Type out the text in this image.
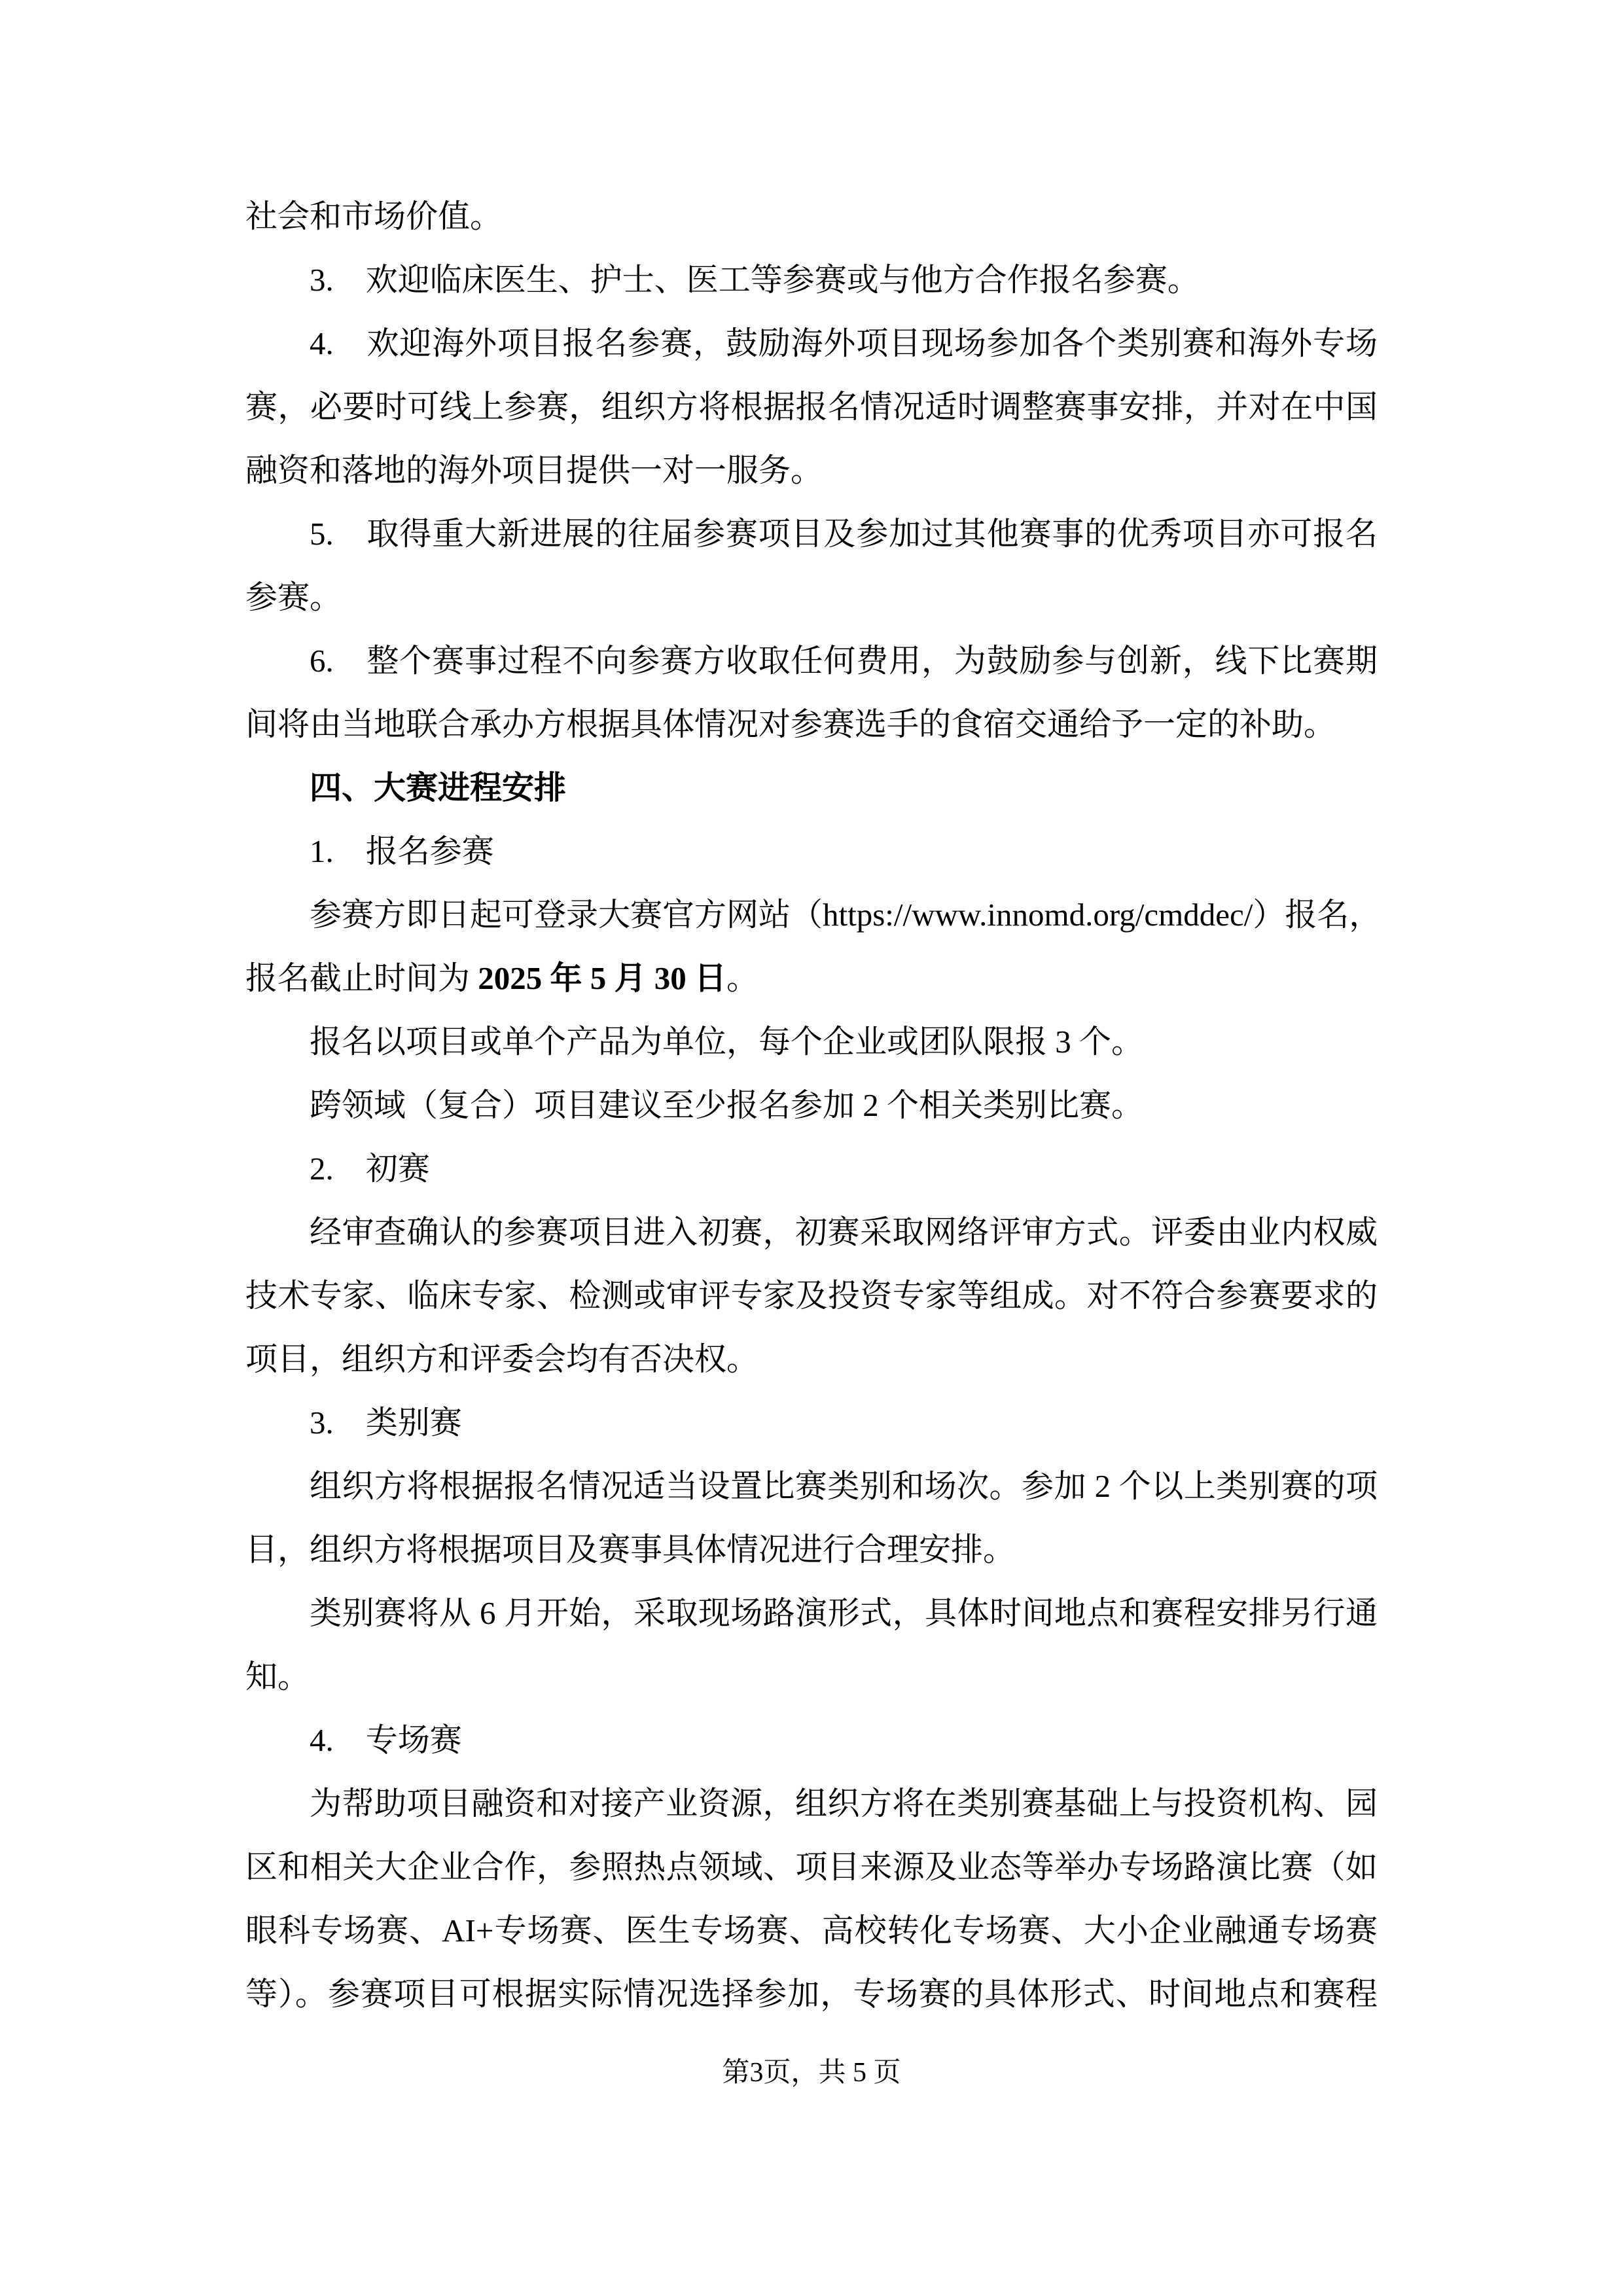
社会和市场价值。
3.　欢迎临床医生、护士、医工等参赛或与他方合作报名参赛。
4.　欢迎海外项目报名参赛，鼓励海外项目现场参加各个类别赛和海外专场
赛，必要时可线上参赛，组织方将根据报名情况适时调整赛事安排，并对在中国
融资和落地的海外项目提供一对一服务。
5.　取得重大新进展的往届参赛项目及参加过其他赛事的优秀项目亦可报名
参赛。
6.　整个赛事过程不向参赛方收取任何费用，为鼓励参与创新，线下比赛期
间将由当地联合承办方根据具体情况对参赛选手的食宿交通给予一定的补助。
四、大赛进程安排
1.　报名参赛
参赛方即日起可登录大赛官方网站（https://www.innomd.org/cmddec/）报名，
报名截止时间为 2025 年 5 月 30 日。
报名以项目或单个产品为单位，每个企业或团队限报 3 个。
跨领域（复合）项目建议至少报名参加 2 个相关类别比赛。
2.　初赛
经审查确认的参赛项目进入初赛，初赛采取网络评审方式。评委由业内权威
技术专家、临床专家、检测或审评专家及投资专家等组成。对不符合参赛要求的
项目，组织方和评委会均有否决权。
3.　类别赛
组织方将根据报名情况适当设置比赛类别和场次。参加 2 个以上类别赛的项
目，组织方将根据项目及赛事具体情况进行合理安排。
类别赛将从 6 月开始，采取现场路演形式，具体时间地点和赛程安排另行通
知。
4.　专场赛
为帮助项目融资和对接产业资源，组织方将在类别赛基础上与投资机构、园
区和相关大企业合作，参照热点领域、项目来源及业态等举办专场路演比赛（如
眼科专场赛、AI+专场赛、医生专场赛、高校转化专场赛、大小企业融通专场赛
等）。参赛项目可根据实际情况选择参加，专场赛的具体形式、时间地点和赛程
第3页，共 5 页
